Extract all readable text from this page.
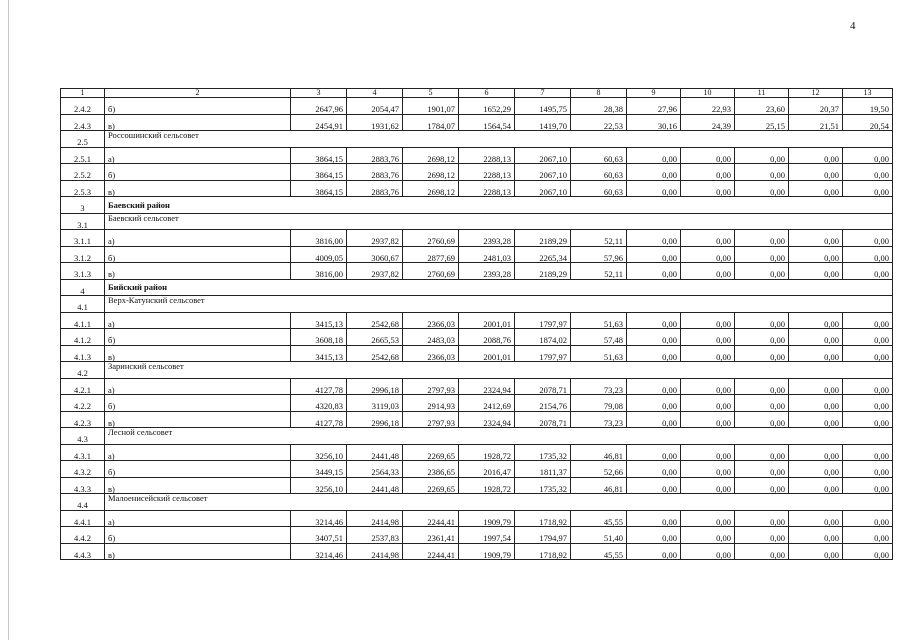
4
1	2	3	4	5	6	7	8	9	10	11	12	13
2.4.2	б)	2647,96	2054,47	1901,07	1652,29	1495,75	28,38	27,96	22,93	23,60	20,37	19,50
2.4.3	в)	2454,91	1931,62	1784,07	1564,54	1419,70	22,53	30,16	24,39	25,15	21,51	20,54
2.5	Россошинский сельсовет											
2.5.1	а)	3864,15	2883,76	2698,12	2288,13	2067,10	60,63	0,00	0,00	0,00	0,00	0,00
2.5.2	б)	3864,15	2883,76	2698,12	2288,13	2067,10	60,63	0,00	0,00	0,00	0,00	0,00
2.5.3	в)	3864,15	2883,76	2698,12	2288,13	2067,10	60,63	0,00	0,00	0,00	0,00	0,00
3	Баевский район											
3.1	Баевский сельсовет											
3.1.1	а)	3816,00	2937,82	2760,69	2393,28	2189,29	52,11	0,00	0,00	0,00	0,00	0,00
3.1.2	б)	4009,05	3060,67	2877,69	2481,03	2265,34	57,96	0,00	0,00	0,00	0,00	0,00
3.1.3	в)	3816,00	2937,82	2760,69	2393,28	2189,29	52,11	0,00	0,00	0,00	0,00	0,00
4	Бийский район											
4.1	Верх-Катунский сельсовет											
4.1.1	а)	3415,13	2542,68	2366,03	2001,01	1797,97	51,63	0,00	0,00	0,00	0,00	0,00
4.1.2	б)	3608,18	2665,53	2483,03	2088,76	1874,02	57,48	0,00	0,00	0,00	0,00	0,00
4.1.3	в)	3415,13	2542,68	2366,03	2001,01	1797,97	51,63	0,00	0,00	0,00	0,00	0,00
4.2	Заринский сельсовет											
4.2.1	а)	4127,78	2996,18	2797,93	2324,94	2078,71	73,23	0,00	0,00	0,00	0,00	0,00
4.2.2	б)	4320,83	3119,03	2914,93	2412,69	2154,76	79,08	0,00	0,00	0,00	0,00	0,00
4.2.3	в)	4127,78	2996,18	2797,93	2324,94	2078,71	73,23	0,00	0,00	0,00	0,00	0,00
4.3	Лесной сельсовет											
4.3.1	а)	3256,10	2441,48	2269,65	1928,72	1735,32	46,81	0,00	0,00	0,00	0,00	0,00
4.3.2	б)	3449,15	2564,33	2386,65	2016,47	1811,37	52,66	0,00	0,00	0,00	0,00	0,00
4.3.3	в)	3256,10	2441,48	2269,65	1928,72	1735,32	46,81	0,00	0,00	0,00	0,00	0,00
4.4	Малоенисейский сельсовет											
4.4.1	а)	3214,46	2414,98	2244,41	1909,79	1718,92	45,55	0,00	0,00	0,00	0,00	0,00
4.4.2	б)	3407,51	2537,83	2361,41	1997,54	1794,97	51,40	0,00	0,00	0,00	0,00	0,00
4.4.3	в)	3214,46	2414,98	2244,41	1909,79	1718,92	45,55	0,00	0,00	0,00	0,00	0,00
